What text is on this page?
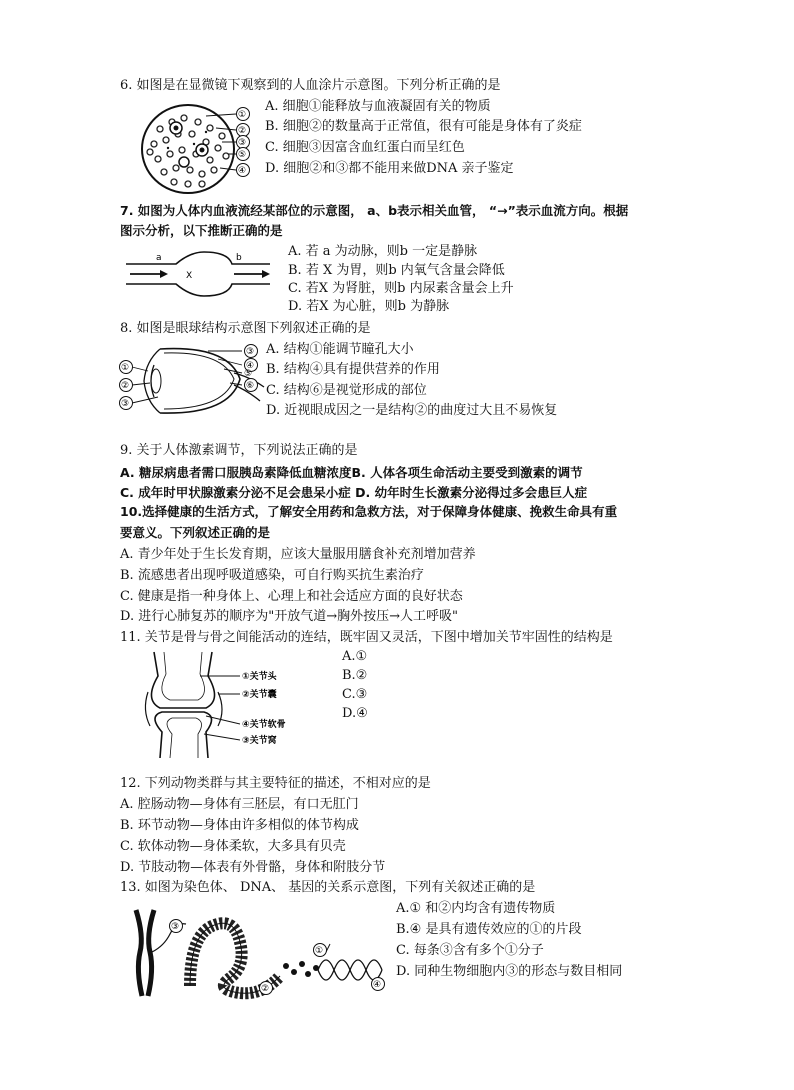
6. 如图是在显微镜下观察到的人血涂片示意图。下列分析正确的是
①
②
③
⑤
④
A. 细胞①能释放与血液凝固有关的物质
B. 细胞②的数量高于正常值，很有可能是身体有了炎症
C. 细胞③因富含血红蛋白而呈红色
D. 细胞②和③都不能用来做DNA 亲子鉴定
7. 如图为人体内血液流经某部位的示意图， a、b表示相关血管， “→”表示血流方向。根据
图示分析，以下推断正确的是
a	b
X
A. 若 a 为动脉，则b 一定是静脉
B. 若 X 为胃，则b 内氧气含量会降低
C. 若X 为肾脏，则b 内尿素含量会上升
D. 若X 为心脏，则b 为静脉
8. 如图是眼球结构示意图下列叙述正确的是
③
④
⑤
⑥
①
②
③
A. 结构①能调节瞳孔大小
B. 结构④具有提供营养的作用
C. 结构⑥是视觉形成的部位
D. 近视眼成因之一是结构②的曲度过大且不易恢复
9. 关于人体激素调节，下列说法正确的是
A. 糖尿病患者需口服胰岛素降低血糖浓度B. 人体各项生命活动主要受到激素的调节
C. 成年时甲状腺激素分泌不足会患呆小症 D. 幼年时生长激素分泌得过多会患巨人症
10.选择健康的生活方式，了解安全用药和急救方法，对于保障身体健康、挽救生命具有重
要意义。下列叙述正确的是
A. 青少年处于生长发育期，应该大量服用膳食补充剂增加营养
B. 流感患者出现呼吸道感染，可自行购买抗生素治疗
C. 健康是指一种身体上、心理上和社会适应方面的良好状态
D. 进行心肺复苏的顺序为"开放气道→胸外按压→人工呼吸"
11. 关节是骨与骨之间能活动的连结，既牢固又灵活，下图中增加关节牢固性的结构是
①关节头
②关节囊
④关节软骨
③关节窝
A.①
B.②
C.③
D.④
12. 下列动物类群与其主要特征的描述，不相对应的是
A. 腔肠动物—身体有三胚层，有口无肛门
B. 环节动物—身体由许多相似的体节构成
C. 软体动物—身体柔软，大多具有贝壳
D. 节肢动物—体表有外骨骼，身体和附肢分节
13. 如图为染色体、 DNA、 基因的关系示意图，下列有关叙述正确的是
③
②
①
④
A.① 和②内均含有遗传物质
B.④ 是具有遗传效应的①的片段
C. 每条③含有多个①分子
D. 同种生物细胞内③的形态与数目相同
